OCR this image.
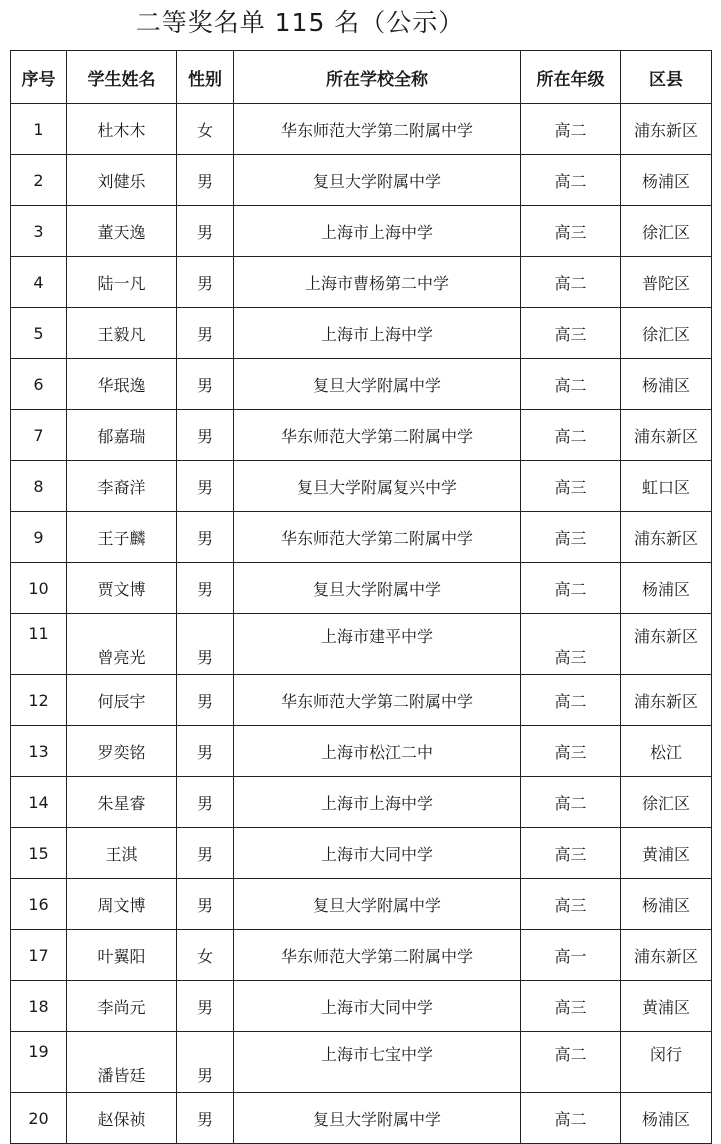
二等奖名单 115 名（公示）
序号	学生姓名	性别	所在学校全称	所在年级	区县
1	杜木木	女	华东师范大学第二附属中学	高二	浦东新区
2	刘健乐	男	复旦大学附属中学	高二	杨浦区
3	董天逸	男	上海市上海中学	高三	徐汇区
4	陆一凡	男	上海市曹杨第二中学	高二	普陀区
5	王毅凡	男	上海市上海中学	高三	徐汇区
6	华珉逸	男	复旦大学附属中学	高二	杨浦区
7	郁嘉瑞	男	华东师范大学第二附属中学	高二	浦东新区
8	李裔洋	男	复旦大学附属复兴中学	高三	虹口区
9	王子麟	男	华东师范大学第二附属中学	高三	浦东新区
10	贾文博	男	复旦大学附属中学	高二	杨浦区
11	曾亮光	男	上海市建平中学	高三	浦东新区
12	何辰宇	男	华东师范大学第二附属中学	高二	浦东新区
13	罗奕铭	男	上海市松江二中	高三	松江
14	朱星睿	男	上海市上海中学	高二	徐汇区
15	王淇	男	上海市大同中学	高三	黄浦区
16	周文博	男	复旦大学附属中学	高三	杨浦区
17	叶翼阳	女	华东师范大学第二附属中学	高一	浦东新区
18	李尚元	男	上海市大同中学	高三	黄浦区
19	潘皆廷	男	上海市七宝中学	高二	闵行
20	赵保祯	男	复旦大学附属中学	高二	杨浦区
